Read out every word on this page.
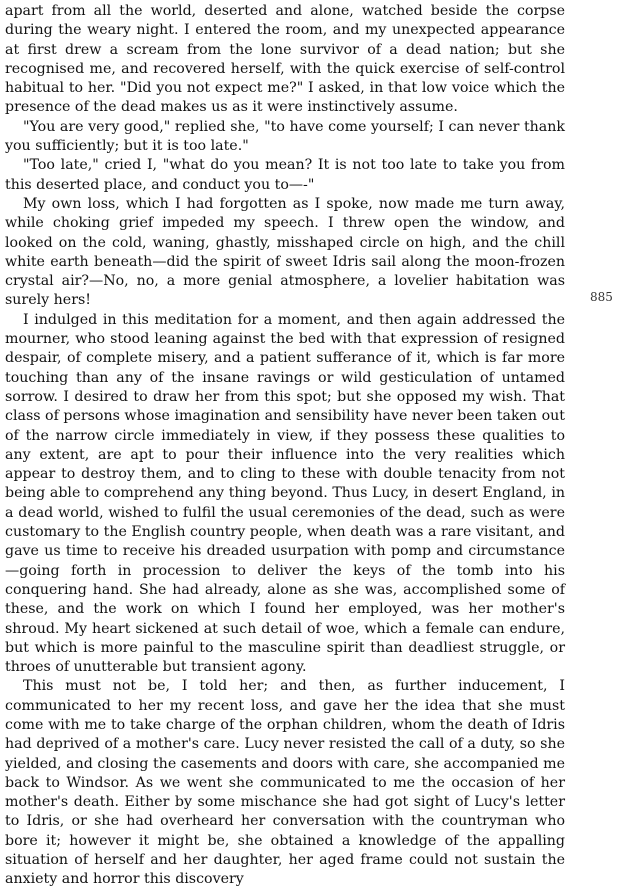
apart from all the world, deserted and alone, watched beside the corpse during the weary night. I entered the room, and my unexpected appearance at first drew a scream from the lone survivor of a dead nation; but she recognised me, and recovered herself, with the quick exercise of self-control habitual to her. "Did you not expect me?" I asked, in that low voice which the presence of the dead makes us as it were instinctively assume.

"You are very good," replied she, "to have come yourself; I can never thank you sufficiently; but it is too late."

"Too late," cried I, "what do you mean? It is not too late to take you from this deserted place, and conduct you to—-"

My own loss, which I had forgotten as I spoke, now made me turn away, while choking grief impeded my speech. I threw open the window, and looked on the cold, waning, ghastly, misshaped circle on high, and the chill white earth beneath—did the spirit of sweet Idris sail along the moon-frozen crystal air?—No, no, a more genial atmosphere, a lovelier habitation was surely hers!

I indulged in this meditation for a moment, and then again addressed the mourner, who stood leaning against the bed with that expression of resigned despair, of complete misery, and a patient sufferance of it, which is far more touching than any of the insane ravings or wild gesticulation of untamed sorrow. I desired to draw her from this spot; but she opposed my wish. That class of persons whose imagination and sensibility have never been taken out of the narrow circle immediately in view, if they possess these qualities to any extent, are apt to pour their influence into the very realities which appear to destroy them, and to cling to these with double tenacity from not being able to comprehend any thing beyond. Thus Lucy, in desert England, in a dead world, wished to fulfil the usual ceremonies of the dead, such as were customary to the English country people, when death was a rare visitant, and gave us time to receive his dreaded usurpation with pomp and circumstance—going forth in procession to deliver the keys of the tomb into his conquering hand. She had already, alone as she was, accomplished some of these, and the work on which I found her employed, was her mother's shroud. My heart sickened at such detail of woe, which a female can endure, but which is more painful to the masculine spirit than deadliest struggle, or throes of unutterable but transient agony.

This must not be, I told her; and then, as further inducement, I communicated to her my recent loss, and gave her the idea that she must come with me to take charge of the orphan children, whom the death of Idris had deprived of a mother's care. Lucy never resisted the call of a duty, so she yielded, and closing the casements and doors with care, she accompanied me back to Windsor. As we went she communicated to me the occasion of her mother's death. Either by some mischance she had got sight of Lucy's letter to Idris, or she had overheard her conversation with the countryman who bore it; however it might be, she obtained a knowledge of the appalling situation of herself and her daughter, her aged frame could not sustain the anxiety and horror this discovery

885
